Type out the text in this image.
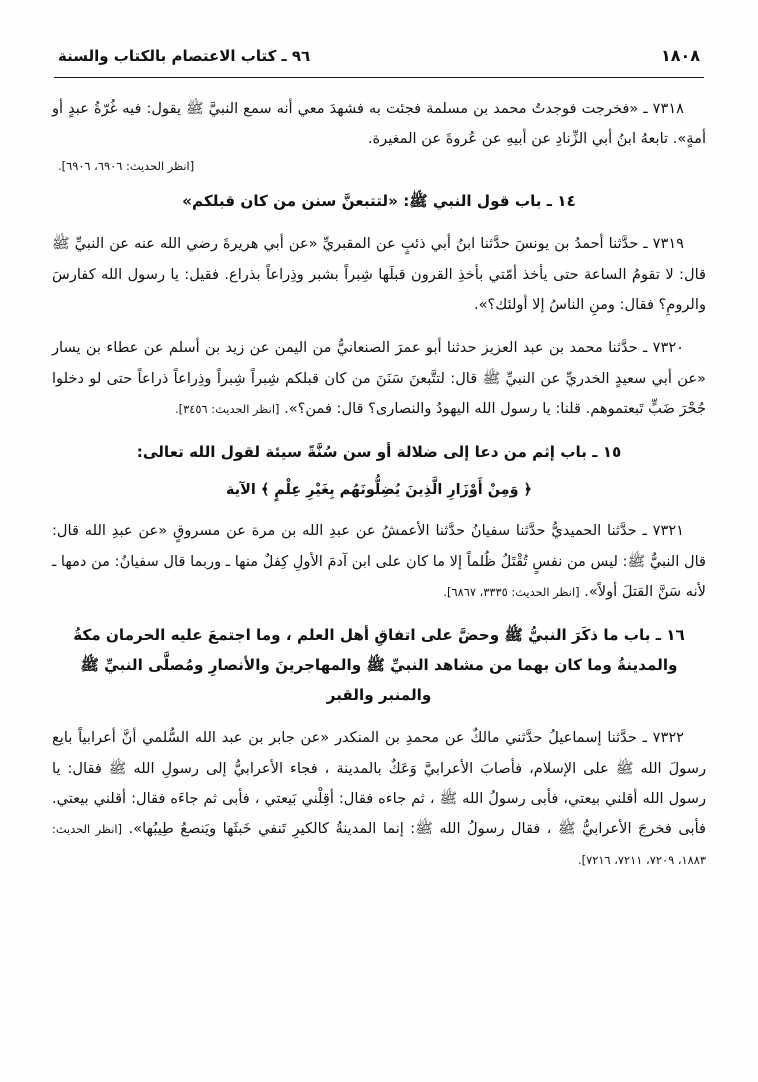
٩٦ ـ كتاب الاعتصام بالكتاب والسنة	١٨٠٨
٧٣١٨ ـ «فخرجت فوجدتُ محمد بن مسلمة فجئت به فشهدَ معي أنه سمع النبيَّ ﷺ يقول: فيه غُرّةُ عبدٍ أو أمةٍ». تابعهُ ابنُ أبي الزِّنادِ عن أبيهِ عن عُروةَ عن المغيرة.
[انظر الحديث: ٦٩٠٦، ٦٩٠٦].
١٤ ـ باب قول النبي ﷺ: «لتتبعنَّ سنن من كان قبلكم»
٧٣١٩ ـ حدَّثنا أحمدُ بن يونسَ حدَّثنا ابنُ أبي ذئبٍ عن المقبريِّ «عن أبي هريرةَ رضي الله عنه عن النبيِّ ﷺ قال: لا تقومُ الساعة حتى يأخذ أمّتي بأخذِ القرون قبلَها شِبراً بشبر وذِراعاً بذراع. فقيل: يا رسول الله كفارسَ والرومِ؟ فقال: ومنِ الناسُ إلا أولئك؟».
٧٣٢٠ ـ حدَّثنا محمد بن عبد العزيز حدثنا أبو عمرَ الصنعانيُّ من اليمن عن زيد بن أسلم عن عطاء بن يسار «عن أبي سعيدٍ الخدريِّ عن النبيِّ ﷺ قال: لتتَّبعنَ سَنَنَ من كان قبلكم شِبراً شِبراً وذِراعاً ذراعاً حتى لو دخلوا جُحْرَ ضَبٍّ تَبعتموهم. قلنا: يا رسول الله اليهودُ والنصارى؟ قال: فمن؟». [انظر الحديث: ٣٤٥٦].
١٥ ـ باب إثم من دعا إلى ضلالة أو سن سُنَّةً سيئة لقول الله تعالى:
﴿ وَمِنْ أَوْزَارِ الَّذِينَ يُضِلُّونَهُم بِغَيْرِ عِلْمٍ ﴾ الآية
٧٣٢١ ـ حدَّثنا الحميديُّ حدَّثنا سفيانُ حدَّثنا الأعمشُ عن عبدِ الله بن مرة عن مسروقٍ «عن عبدِ الله قال: قال النبيُّ ﷺ: ليس من نفسٍ تُقْتَلُ ظُلماً إلا ما كان على ابن آدمَ الأولِ كِفلٌ منها ـ وربما قال سفيانُ: من دمها ـ لأنه سَنَّ القتلَ أولاً». [انظر الحديث: ٣٣٣٥، ٦٨٦٧].
١٦ ـ باب ما ذكَرَ النبيُّ ﷺ وحضَّ على اتفاقِ أهل العلم ، وما اجتمعَ عليه الحرمان مكةُ والمدينةُ وما كان بهما من مشاهد النبيِّ ﷺ والمهاجرينَ والأنصارِ ومُصلَّى النبيِّ ﷺ والمنبر والقبر
٧٣٢٢ ـ حدَّثنا إسماعيلُ حدَّثني مالكٌ عن محمدِ بن المنكدر «عن جابر بن عبد الله السُّلمي أنَّ أعرابياً بايع رسولَ الله ﷺ على الإسلام، فأصابَ الأعرابيَّ وَعَكٌ بالمدينة ، فجاء الأعرابيُّ إلى رسولِ الله ﷺ فقال: يا رسول الله أقلني بيعتي، فأبى رسولُ الله ﷺ ، ثم جاءه فقال: أقِلْني بَيعتي ، فأبى ثم جاءَه فقال: أقلني بيعتي. فأبى فخرجَ الأعرابيُّ ﷺ ، فقال رسولُ الله ﷺ: إنما المدينةُ كالكيرِ تَنفي خَبثَها ويَنصعُ طِيبُها». [انظر الحديث: ١٨٨٣، ٧٢٠٩، ٧٢١١، ٧٢١٦].
